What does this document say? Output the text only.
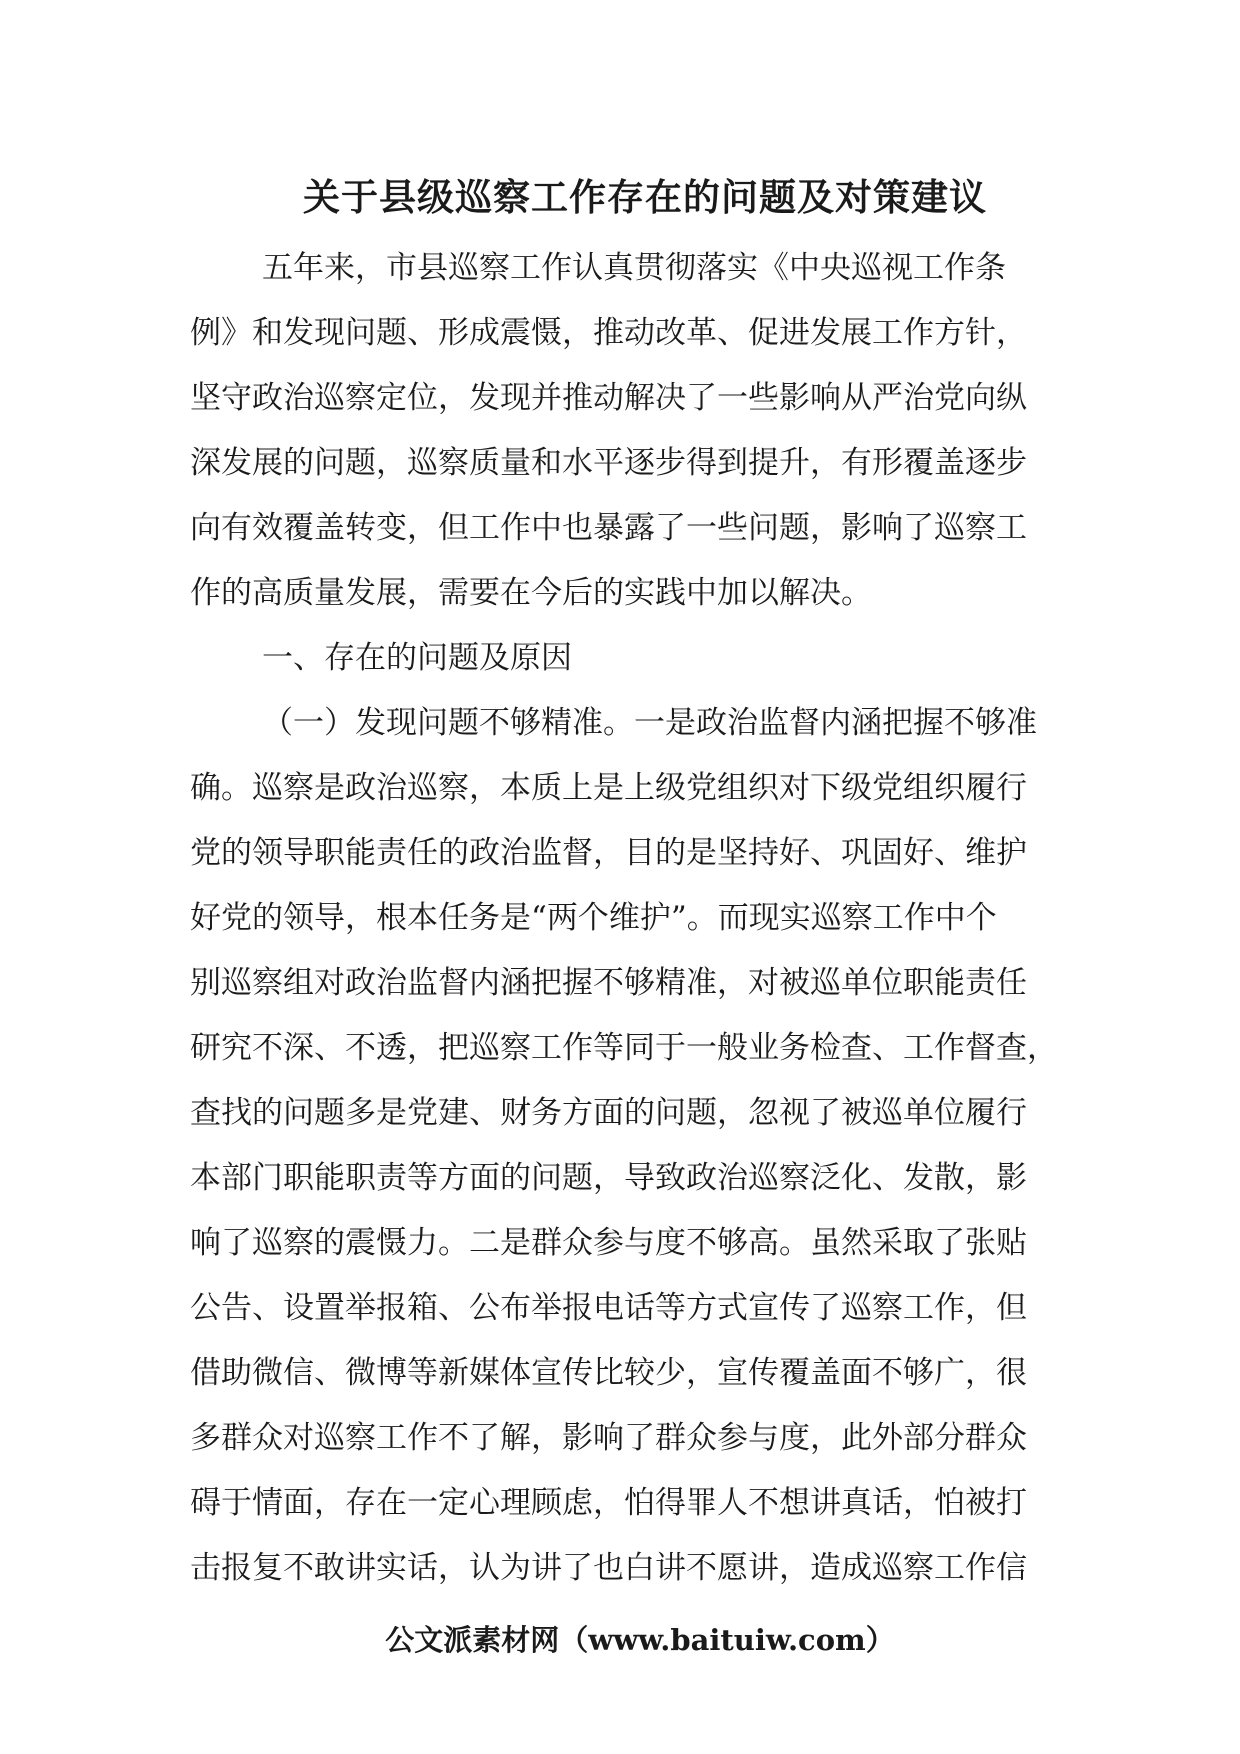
关于县级巡察工作存在的问题及对策建议

五年来，市县巡察工作认真贯彻落实《中央巡视工作条

例》和发现问题、形成震慑，推动改革、促进发展工作方针，

坚守政治巡察定位，发现并推动解决了一些影响从严治党向纵

深发展的问题，巡察质量和水平逐步得到提升，有形覆盖逐步

向有效覆盖转变，但工作中也暴露了一些问题，影响了巡察工

作的高质量发展，需要在今后的实践中加以解决。

一、存在的问题及原因

（一）发现问题不够精准。一是政治监督内涵把握不够准

确。巡察是政治巡察，本质上是上级党组织对下级党组织履行

党的领导职能责任的政治监督，目的是坚持好、巩固好、维护

好党的领导，根本任务是“两个维护”。而现实巡察工作中个

别巡察组对政治监督内涵把握不够精准，对被巡单位职能责任

研究不深、不透，把巡察工作等同于一般业务检查、工作督查，

查找的问题多是党建、财务方面的问题，忽视了被巡单位履行

本部门职能职责等方面的问题，导致政治巡察泛化、发散，影

响了巡察的震慑力。二是群众参与度不够高。虽然采取了张贴

公告、设置举报箱、公布举报电话等方式宣传了巡察工作，但

借助微信、微博等新媒体宣传比较少，宣传覆盖面不够广，很

多群众对巡察工作不了解，影响了群众参与度，此外部分群众

碍于情面，存在一定心理顾虑，怕得罪人不想讲真话，怕被打

击报复不敢讲实话，认为讲了也白讲不愿讲，造成巡察工作信

公文派素材网（www.baituiw.com）
